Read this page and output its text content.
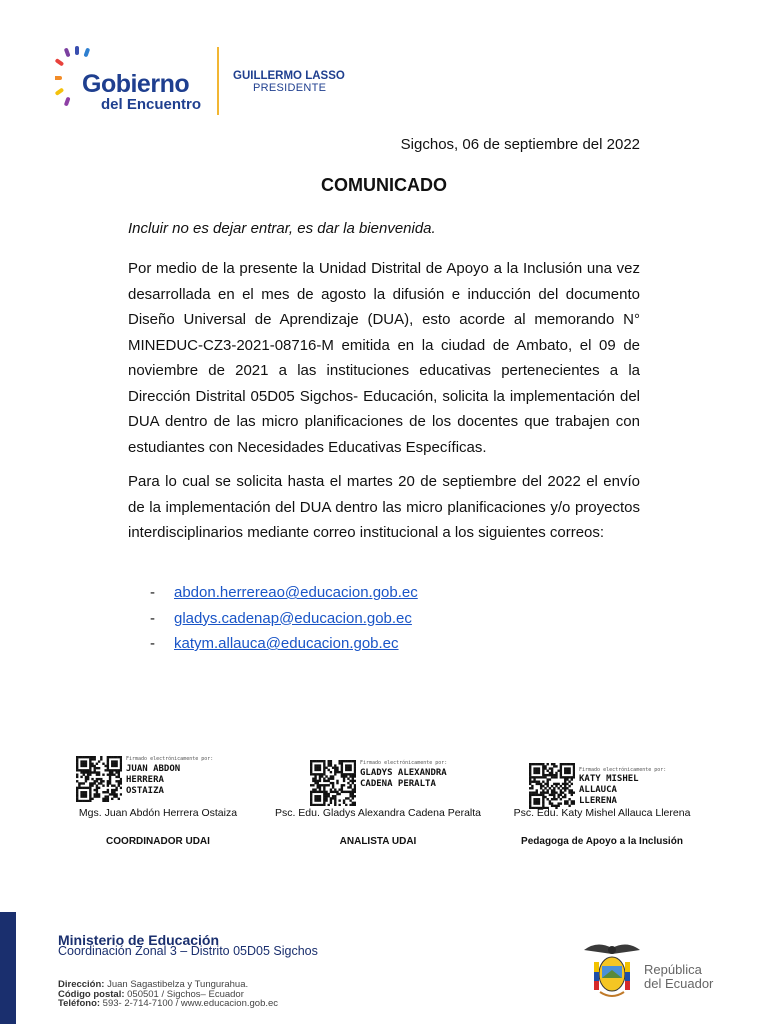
Gobierno
del Encuentro
GUILLERMO LASSO
PRESIDENTE
Sigchos, 06 de septiembre del 2022
COMUNICADO
Incluir no es dejar entrar, es dar la bienvenida.
Por medio de la presente la Unidad Distrital de Apoyo a la Inclusión una vez desarrollada en el mes de agosto la difusión e inducción del documento Diseño Universal de Aprendizaje (DUA), esto acorde al memorando N° MINEDUC-CZ3-2021-08716-M emitida en la ciudad de Ambato, el 09 de noviembre de 2021 a las instituciones educativas pertenecientes a la Dirección Distrital 05D05 Sigchos- Educación, solicita la implementación del DUA dentro de las micro planificaciones de los docentes que trabajen con estudiantes con Necesidades Educativas Específicas.
Para lo cual se solicita hasta el martes 20 de septiembre del 2022 el envío de la implementación del DUA dentro las micro planificaciones y/o proyectos interdisciplinarios mediante correo institucional a los siguientes correos:
- abdon.herrereao@educacion.gob.ec
- gladys.cadenap@educacion.gob.ec
- katym.allauca@educacion.gob.ec
Firmado electrónicamente por:
JUAN ABDON
HERRERA
OSTAIZA
Mgs. Juan Abdón Herrera Ostaiza
COORDINADOR UDAI
Firmado electrónicamente por:
GLADYS ALEXANDRA
CADENA PERALTA
Psc. Edu. Gladys Alexandra Cadena Peralta
ANALISTA UDAI
Firmado electrónicamente por:
KATY MISHEL
ALLAUCA
LLERENA
Psc. Edu. Katy Mishel Allauca Llerena
Pedagoga de Apoyo a la Inclusión
Ministerio de Educación
Coordinación Zonal 3 – Distrito 05D05 Sigchos
Dirección: Juan Sagastibelza y Tungurahua.
Código postal: 050501 / Sigchos– Ecuador
Teléfono: 593- 2-714-7100 / www.educacion.gob.ec
República
del Ecuador
